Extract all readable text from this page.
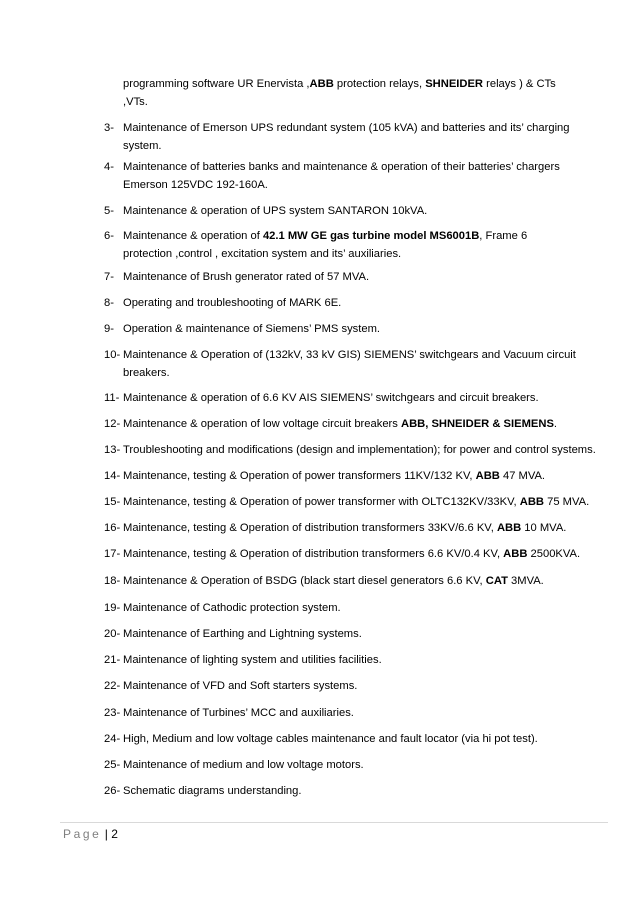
programming software UR Enervista ,ABB protection relays, SHNEIDER relays ) & CTs
,VTs.
3- Maintenance of Emerson UPS redundant system (105 kVA) and batteries and its’ charging
system.
4- Maintenance of batteries banks and maintenance & operation of their batteries’ chargers
Emerson 125VDC 192-160A.
5- Maintenance & operation of UPS system SANTARON 10kVA.
6- Maintenance & operation of 42.1 MW GE gas turbine model MS6001B, Frame 6
protection ,control , excitation system and its’ auxiliaries.
7- Maintenance of Brush generator rated of 57 MVA.
8- Operating and troubleshooting of MARK 6E.
9- Operation & maintenance of Siemens’ PMS system.
10- Maintenance & Operation of (132kV, 33 kV GIS) SIEMENS’ switchgears and Vacuum circuit
breakers.
11- Maintenance & operation of 6.6 KV AIS SIEMENS’ switchgears and circuit breakers.
12- Maintenance & operation of low voltage circuit breakers ABB, SHNEIDER & SIEMENS.
13- Troubleshooting and modifications (design and implementation); for power and control systems.
14- Maintenance, testing & Operation of power transformers 11KV/132 KV, ABB 47 MVA.
15- Maintenance, testing & Operation of power transformer with OLTC132KV/33KV, ABB 75 MVA.
16- Maintenance, testing & Operation of distribution transformers 33KV/6.6 KV, ABB 10 MVA.
17- Maintenance, testing & Operation of distribution transformers 6.6 KV/0.4 KV, ABB 2500KVA.
18- Maintenance & Operation of BSDG (black start diesel generators 6.6 KV, CAT 3MVA.
19- Maintenance of Cathodic protection system.
20- Maintenance of Earthing and Lightning systems.
21- Maintenance of lighting system and utilities facilities.
22- Maintenance of VFD and Soft starters systems.
23- Maintenance of Turbines’ MCC and auxiliaries.
24- High, Medium and low voltage cables maintenance and fault locator (via hi pot test).
25- Maintenance of medium and low voltage motors.
26- Schematic diagrams understanding.
Page | 2
